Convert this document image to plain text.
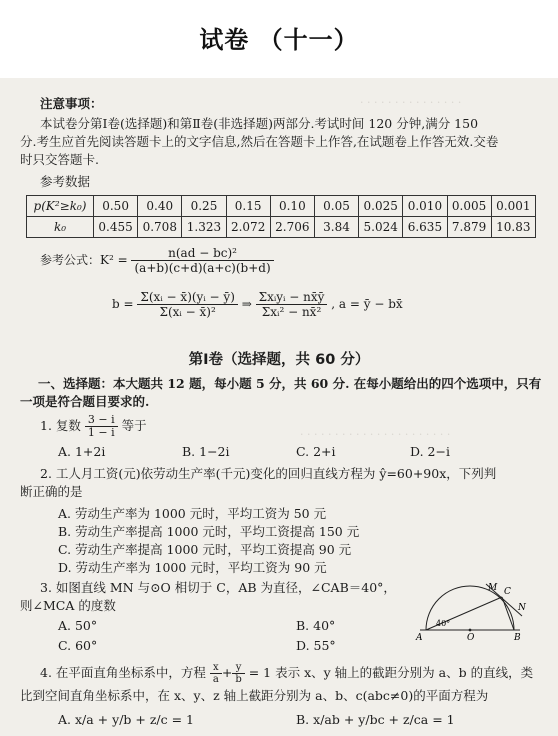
试卷 （十一）
· · · · · · · · · · · · · · ·
· · · · · · · · · · · · · · · · · · · · · ·
注意事项：
本试卷分第Ⅰ卷(选择题)和第Ⅱ卷(非选择题)两部分.考试时间 120 分钟,满分 150
分.考生应首先阅读答题卡上的文字信息,然后在答题卡上作答,在试题卷上作答无效.交卷
时只交答题卡.
参考数据
p(K²≥k₀)	0.50	0.40	0.25	0.15	0.10	0.05	0.025	0.010	0.005	0.001
k₀	0.455	0.708	1.323	2.072	2.706	3.84	5.024	6.635	7.879	10.83
参考公式：$K^2 = \frac{\text{n(ad − bc)²}}{(a+b)(c+d)(a+c)(b+d)}$
$b = \frac{\text{Σ(xᵢ − x̄)(yᵢ − ȳ)}}{\text{Σ(xᵢ − x̄)²}}$ ⇒ $\frac{\text{Σxᵢyᵢ − nx̄ȳ}}{\text{Σxᵢ² − nx̄²}}$ , a = ȳ − bx̄
第Ⅰ卷（选择题，共 60 分）
一、选择题：本大题共 12 题，每小题 5 分，共 60 分. 在每小题给出的四个选项中，只有
一项是符合题目要求的.
1. 复数 $\frac{3 - i}{1 - i}$ 等于
A. 1+2i	B. 1−2i	C. 2+i	D. 2−i
2. 工人月工资(元)依劳动生产率(千元)变化的回归直线方程为 ŷ=60+90x，下列判
断正确的是
A. 劳动生产率为 1000 元时，平均工资为 50 元
B. 劳动生产率提高 1000 元时，平均工资提高 150 元
C. 劳动生产率提高 1000 元时，平均工资提高 90 元
D. 劳动生产率为 1000 元时，平均工资为 90 元
3. 如图直线 MN 与⊙O 相切于 C，AB 为直径，∠CAB＝40°，
则∠MCA 的度数
A. 50°	B. 40°
C. 60°	D. 55°
4. 在平面直角坐标系中，方程 $\frac{x}{a} + \frac{y}{b} = 1$ 表示 x、y 轴上的截距分别为 a、b 的直线，类
比到空间直角坐标系中，在 x、y、z 轴上截距分别为 a、b、c(abc≠0)的平面方程为
A. x/a + y/b + z/c = 1	B. x/ab + y/bc + z/ca = 1
M C
N
A
40°
O	B
